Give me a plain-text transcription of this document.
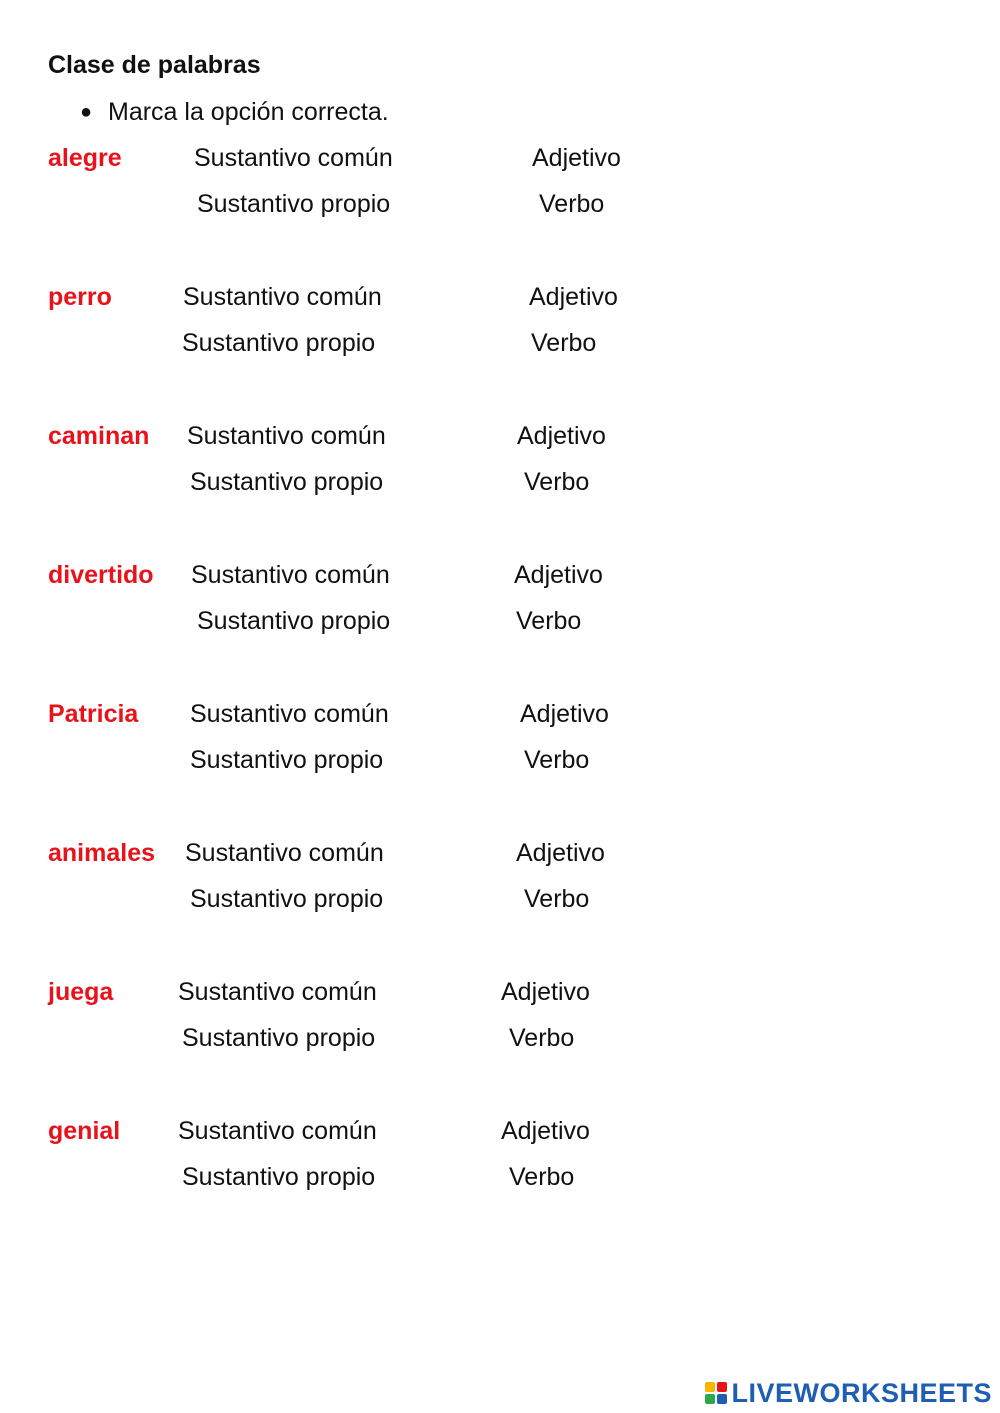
Clase de palabras
● Marca la opción correcta.
alegre	Sustantivo común	Adjetivo
Sustantivo propio	Verbo
perro	Sustantivo común	Adjetivo
Sustantivo propio	Verbo
caminan Sustantivo común	Adjetivo
Sustantivo propio	Verbo
divertido Sustantivo común	Adjetivo
Sustantivo propio	Verbo
Patricia Sustantivo común	Adjetivo
Sustantivo propio	Verbo
animales Sustantivo común	Adjetivo
Sustantivo propio	Verbo
juega	Sustantivo común	Adjetivo
Sustantivo propio	Verbo
genial Sustantivo común	Adjetivo
Sustantivo propio	Verbo
LIVEWORKSHEETS
